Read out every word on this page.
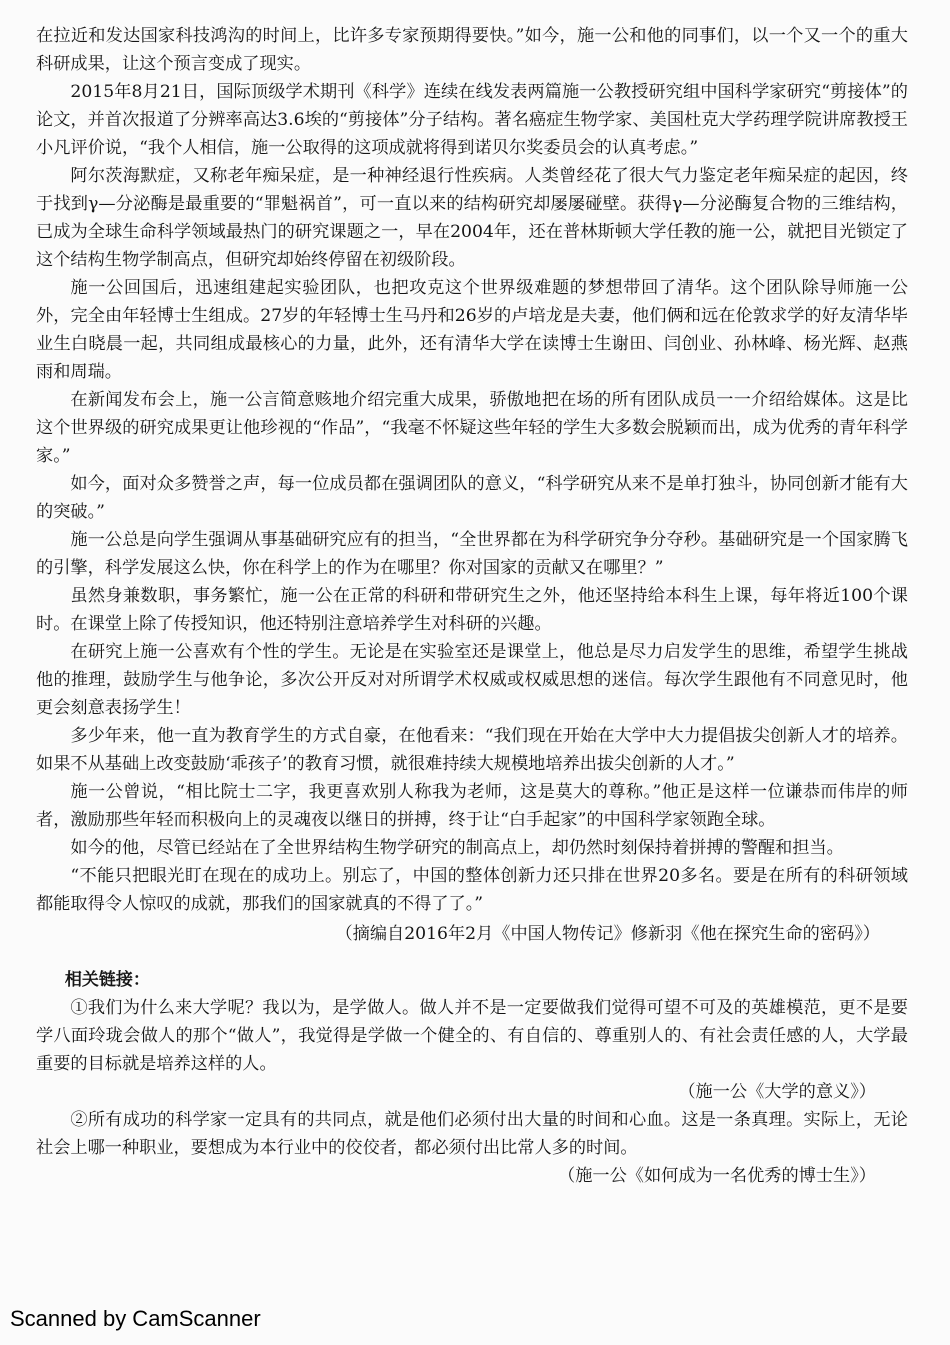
在拉近和发达国家科技鸿沟的时间上，比许多专家预期得要快。”如今，施一公和他的同事们，以一个又一个的重大科研成果，让这个预言变成了现实。

2015年8月21日，国际顶级学术期刊《科学》连续在线发表两篇施一公教授研究组中国科学家研究“剪接体”的论文，并首次报道了分辨率高达3.6埃的“剪接体”分子结构。著名癌症生物学家、美国杜克大学药理学院讲席教授王小凡评价说，“我个人相信，施一公取得的这项成就将得到诺贝尔奖委员会的认真考虑。”

阿尔茨海默症，又称老年痴呆症，是一种神经退行性疾病。人类曾经花了很大气力鉴定老年痴呆症的起因，终于找到γ—分泌酶是最重要的“罪魁祸首”，可一直以来的结构研究却屡屡碰壁。获得γ—分泌酶复合物的三维结构，已成为全球生命科学领域最热门的研究课题之一，早在2004年，还在普林斯顿大学任教的施一公，就把目光锁定了这个结构生物学制高点，但研究却始终停留在初级阶段。

施一公回国后，迅速组建起实验团队，也把攻克这个世界级难题的梦想带回了清华。这个团队除导师施一公外，完全由年轻博士生组成。27岁的年轻博士生马丹和26岁的卢培龙是夫妻，他们俩和远在伦敦求学的好友清华毕业生白晓晨一起，共同组成最核心的力量，此外，还有清华大学在读博士生谢田、闫创业、孙林峰、杨光辉、赵燕雨和周瑞。

在新闻发布会上，施一公言简意赅地介绍完重大成果，骄傲地把在场的所有团队成员一一介绍给媒体。这是比这个世界级的研究成果更让他珍视的“作品”，“我毫不怀疑这些年轻的学生大多数会脱颖而出，成为优秀的青年科学家。”

如今，面对众多赞誉之声，每一位成员都在强调团队的意义，“科学研究从来不是单打独斗，协同创新才能有大的突破。”

施一公总是向学生强调从事基础研究应有的担当，“全世界都在为科学研究争分夺秒。基础研究是一个国家腾飞的引擎，科学发展这么快，你在科学上的作为在哪里？你对国家的贡献又在哪里？”

虽然身兼数职，事务繁忙，施一公在正常的科研和带研究生之外，他还坚持给本科生上课，每年将近100个课时。在课堂上除了传授知识，他还特别注意培养学生对科研的兴趣。

在研究上施一公喜欢有个性的学生。无论是在实验室还是课堂上，他总是尽力启发学生的思维，希望学生挑战他的推理，鼓励学生与他争论，多次公开反对对所谓学术权威或权威思想的迷信。每次学生跟他有不同意见时，他更会刻意表扬学生！

多少年来，他一直为教育学生的方式自豪，在他看来：“我们现在开始在大学中大力提倡拔尖创新人才的培养。如果不从基础上改变鼓励‘乖孩子’的教育习惯，就很难持续大规模地培养出拔尖创新的人才。”

施一公曾说，“相比院士二字，我更喜欢别人称我为老师，这是莫大的尊称。”他正是这样一位谦恭而伟岸的师者，激励那些年轻而积极向上的灵魂夜以继日的拼搏，终于让“白手起家”的中国科学家领跑全球。

如今的他，尽管已经站在了全世界结构生物学研究的制高点上，却仍然时刻保持着拼搏的警醒和担当。

“不能只把眼光盯在现在的成功上。别忘了，中国的整体创新力还只排在世界20多名。要是在所有的科研领域都能取得令人惊叹的成就，那我们的国家就真的不得了了。”

（摘编自2016年2月《中国人物传记》修新羽《他在探究生命的密码》）

相关链接：

①我们为什么来大学呢？我以为，是学做人。做人并不是一定要做我们觉得可望不可及的英雄模范，更不是要学八面玲珑会做人的那个“做人”，我觉得是学做一个健全的、有自信的、尊重别人的、有社会责任感的人，大学最重要的目标就是培养这样的人。

（施一公《大学的意义》）

②所有成功的科学家一定具有的共同点，就是他们必须付出大量的时间和心血。这是一条真理。实际上，无论社会上哪一种职业，要想成为本行业中的佼佼者，都必须付出比常人多的时间。

（施一公《如何成为一名优秀的博士生》）

Scanned by CamScanner
